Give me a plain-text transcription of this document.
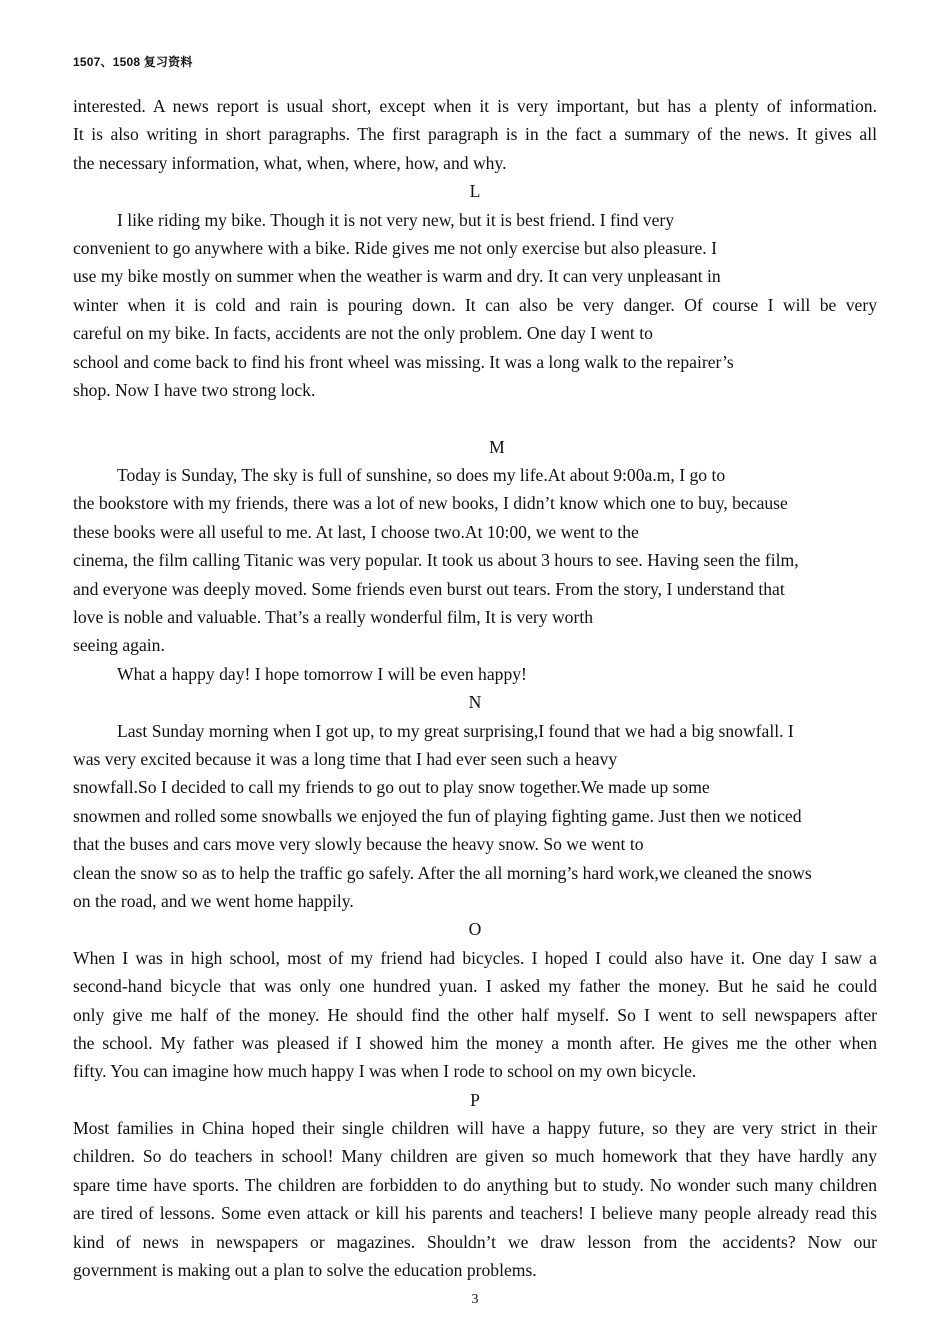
1507、1508 复习资料
interested. A news report is usual short, except when it is very important, but has a plenty of information.
It is also writing in short paragraphs. The first paragraph is in the fact a summary of the news. It gives all
the necessary information, what, when, where, how, and why.
L
I like riding my bike. Though it is not very new, but it is best friend. I find very
convenient to go anywhere with a bike. Ride gives me not only exercise but also pleasure. I
use my bike mostly on summer when the weather is warm and dry. It can very unpleasant in
winter when it is cold and rain is pouring down. It can also be very danger. Of course I will be very
careful on my bike. In facts, accidents are not the only problem. One day I went to
school and come back to find his front wheel was missing. It was a long walk to the repairer’s
shop. Now I have two strong lock.
M
Today is Sunday, The sky is full of sunshine, so does my life.At about 9:00a.m, I go to
the bookstore with my friends, there was a lot of new books, I didn’t know which one to buy, because
these books were all useful to me. At last, I choose two.At 10:00, we went to the
cinema, the film calling Titanic was very popular. It took us about 3 hours to see. Having seen the film,
and everyone was deeply moved. Some friends even burst out tears. From the story, I understand that
love is noble and valuable. That’s a really wonderful film, It is very worth
seeing again.
What a happy day! I hope tomorrow I will be even happy!
N
Last Sunday morning when I got up, to my great surprising,I found that we had a big snowfall. I
was very excited because it was a long time that I had ever seen such a heavy
snowfall.So I decided to call my friends to go out to play snow together.We made up some
snowmen and rolled some snowballs we enjoyed the fun of playing fighting game. Just then we noticed
that the buses and cars move very slowly because the heavy snow. So we went to
clean the snow so as to help the traffic go safely. After the all morning’s hard work,we cleaned the snows
on the road, and we went home happily.
O
When I was in high school, most of my friend had bicycles. I hoped I could also have it. One day I saw a
second-hand bicycle that was only one hundred yuan. I asked my father the money. But he said he could
only give me half of the money. He should find the other half myself. So I went to sell newspapers after
the school. My father was pleased if I showed him the money a month after. He gives me the other when
fifty. You can imagine how much happy I was when I rode to school on my own bicycle.
P
Most families in China hoped their single children will have a happy future, so they are very strict in their
children. So do teachers in school! Many children are given so much homework that they have hardly any
spare time have sports. The children are forbidden to do anything but to study. No wonder such many children
are tired of lessons. Some even attack or kill his parents and teachers! I believe many people already read this
kind of news in newspapers or magazines. Shouldn’t we draw lesson from the accidents? Now our
government is making out a plan to solve the education problems.
3
